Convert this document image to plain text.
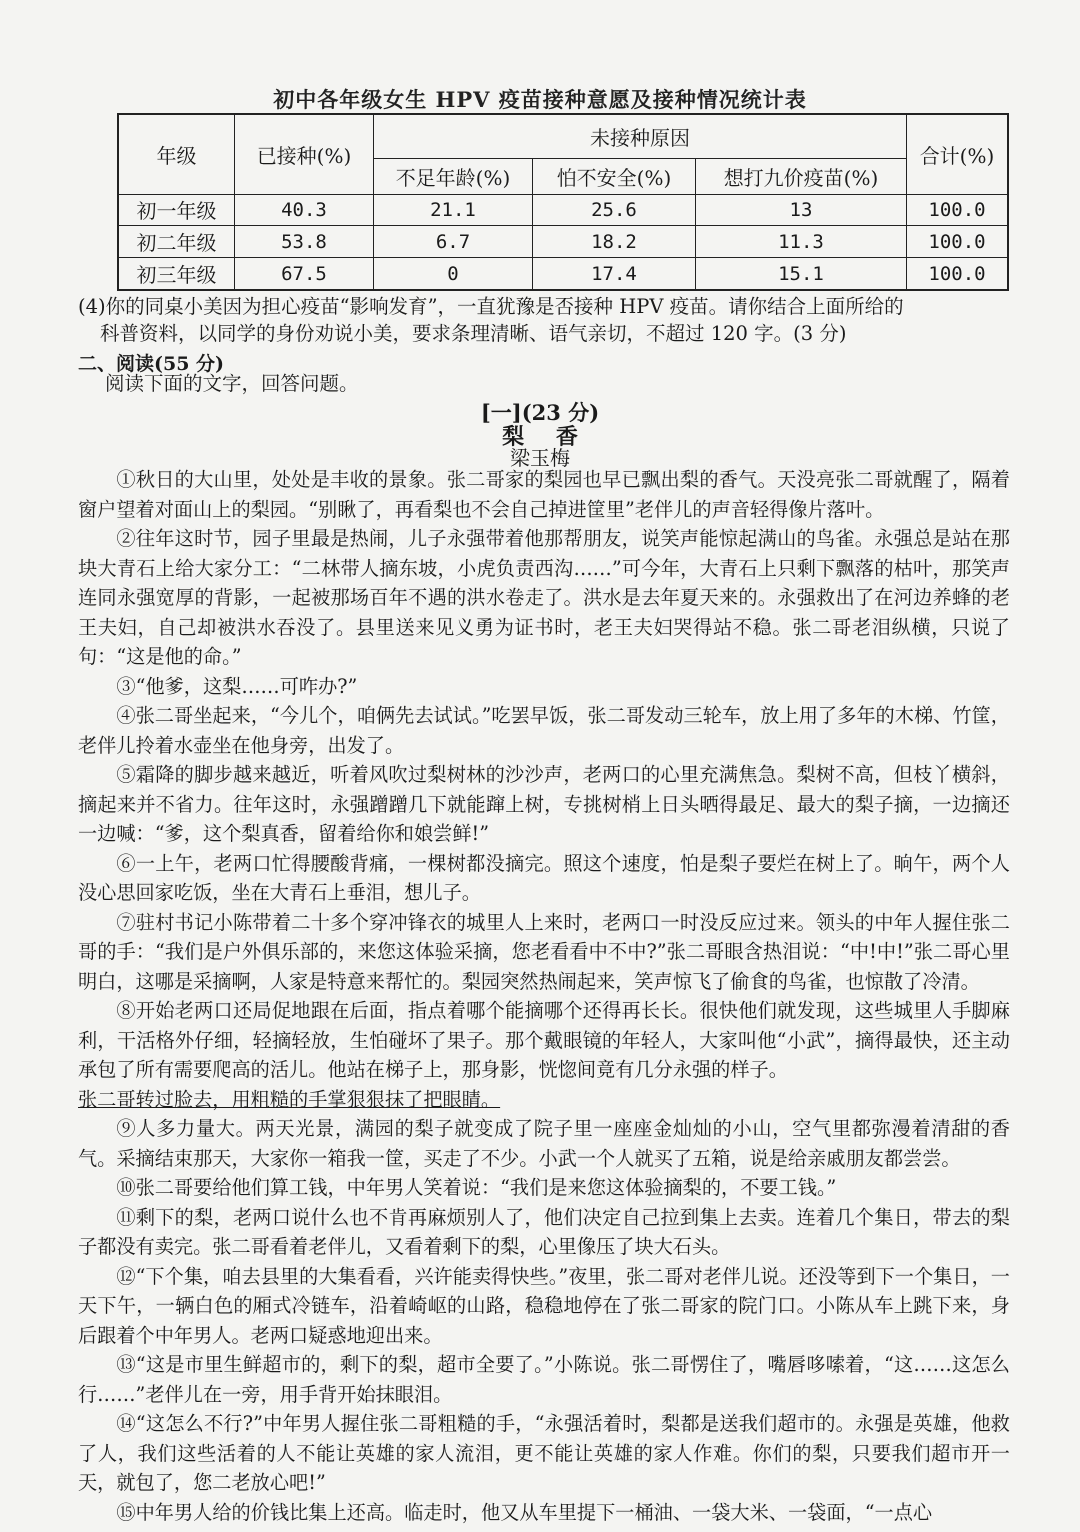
初中各年级女生 HPV 疫苗接种意愿及接种情况统计表
年级	已接种(%)	未接种原因			合计(%)
		不足年龄(%)	怕不安全(%)	想打九价疫苗(%)	
初一年级	40.3	21.1	25.6	13	100.0
初二年级	53.8	6.7	18.2	11.3	100.0
初三年级	67.5	0	17.4	15.1	100.0
(4)你的同桌小美因为担心疫苗“影响发育”，一直犹豫是否接种 HPV 疫苗。请你结合上面所给的
科普资料，以同学的身份劝说小美，要求条理清晰、语气亲切，不超过 120 字。(3 分)
二、阅读(55 分)
阅读下面的文字，回答问题。
[一](23 分)
梨 香
梁玉梅

①秋日的大山里，处处是丰收的景象。张二哥家的梨园也早已飘出梨的香气。天没亮张二哥就醒了，隔着窗户望着对面山上的梨园。“别瞅了，再看梨也不会自己掉进筐里”老伴儿的声音轻得像片落叶。

②往年这时节，园子里最是热闹，儿子永强带着他那帮朋友，说笑声能惊起满山的鸟雀。永强总是站在那块大青石上给大家分工：“二林带人摘东坡，小虎负责西沟……”可今年，大青石上只剩下飘落的枯叶，那笑声连同永强宽厚的背影，一起被那场百年不遇的洪水卷走了。洪水是去年夏天来的。永强救出了在河边养蜂的老王夫妇，自己却被洪水吞没了。县里送来见义勇为证书时，老王夫妇哭得站不稳。张二哥老泪纵横，只说了句：“这是他的命。”

③“他爹，这梨……可咋办?”

④张二哥坐起来，“今儿个，咱俩先去试试。”吃罢早饭，张二哥发动三轮车，放上用了多年的木梯、竹筐，老伴儿拎着水壶坐在他身旁，出发了。

⑤霜降的脚步越来越近，听着风吹过梨树林的沙沙声，老两口的心里充满焦急。梨树不高，但枝丫横斜，摘起来并不省力。往年这时，永强蹭蹭几下就能蹿上树，专挑树梢上日头晒得最足、最大的梨子摘，一边摘还一边喊：“爹，这个梨真香，留着给你和娘尝鲜!”

⑥一上午，老两口忙得腰酸背痛，一棵树都没摘完。照这个速度，怕是梨子要烂在树上了。晌午，两个人没心思回家吃饭，坐在大青石上垂泪，想儿子。

⑦驻村书记小陈带着二十多个穿冲锋衣的城里人上来时，老两口一时没反应过来。领头的中年人握住张二哥的手：“我们是户外俱乐部的，来您这体验采摘，您老看看中不中?”张二哥眼含热泪说：“中!中!”张二哥心里明白，这哪是采摘啊，人家是特意来帮忙的。梨园突然热闹起来，笑声惊飞了偷食的鸟雀，也惊散了冷清。

⑧开始老两口还局促地跟在后面，指点着哪个能摘哪个还得再长长。很快他们就发现，这些城里人手脚麻利，干活格外仔细，轻摘轻放，生怕碰坏了果子。那个戴眼镜的年轻人，大家叫他“小武”，摘得最快，还主动承包了所有需要爬高的活儿。他站在梯子上，那身影，恍惚间竟有几分永强的样子。

张二哥转过脸去，用粗糙的手掌狠狠抹了把眼睛。

⑨人多力量大。两天光景，满园的梨子就变成了院子里一座座金灿灿的小山，空气里都弥漫着清甜的香气。采摘结束那天，大家你一箱我一筐，买走了不少。小武一个人就买了五箱，说是给亲戚朋友都尝尝。

⑩张二哥要给他们算工钱，中年男人笑着说：“我们是来您这体验摘梨的，不要工钱。”

⑪剩下的梨，老两口说什么也不肯再麻烦别人了，他们决定自己拉到集上去卖。连着几个集日，带去的梨子都没有卖完。张二哥看着老伴儿，又看着剩下的梨，心里像压了块大石头。

⑫“下个集，咱去县里的大集看看，兴许能卖得快些。”夜里，张二哥对老伴儿说。还没等到下一个集日，一天下午，一辆白色的厢式冷链车，沿着崎岖的山路，稳稳地停在了张二哥家的院门口。小陈从车上跳下来，身后跟着个中年男人。老两口疑惑地迎出来。

⑬“这是市里生鲜超市的，剩下的梨，超市全要了。”小陈说。张二哥愣住了，嘴唇哆嗦着，“这……这怎么行……”老伴儿在一旁，用手背开始抹眼泪。

⑭“这怎么不行?”中年男人握住张二哥粗糙的手，“永强活着时，梨都是送我们超市的。永强是英雄，他救了人，我们这些活着的人不能让英雄的家人流泪，更不能让英雄的家人作难。你们的梨，只要我们超市开一天，就包了，您二老放心吧!”

⑮中年男人给的价钱比集上还高。临走时，他又从车里提下一桶油、一袋大米、一袋面，“一点心
